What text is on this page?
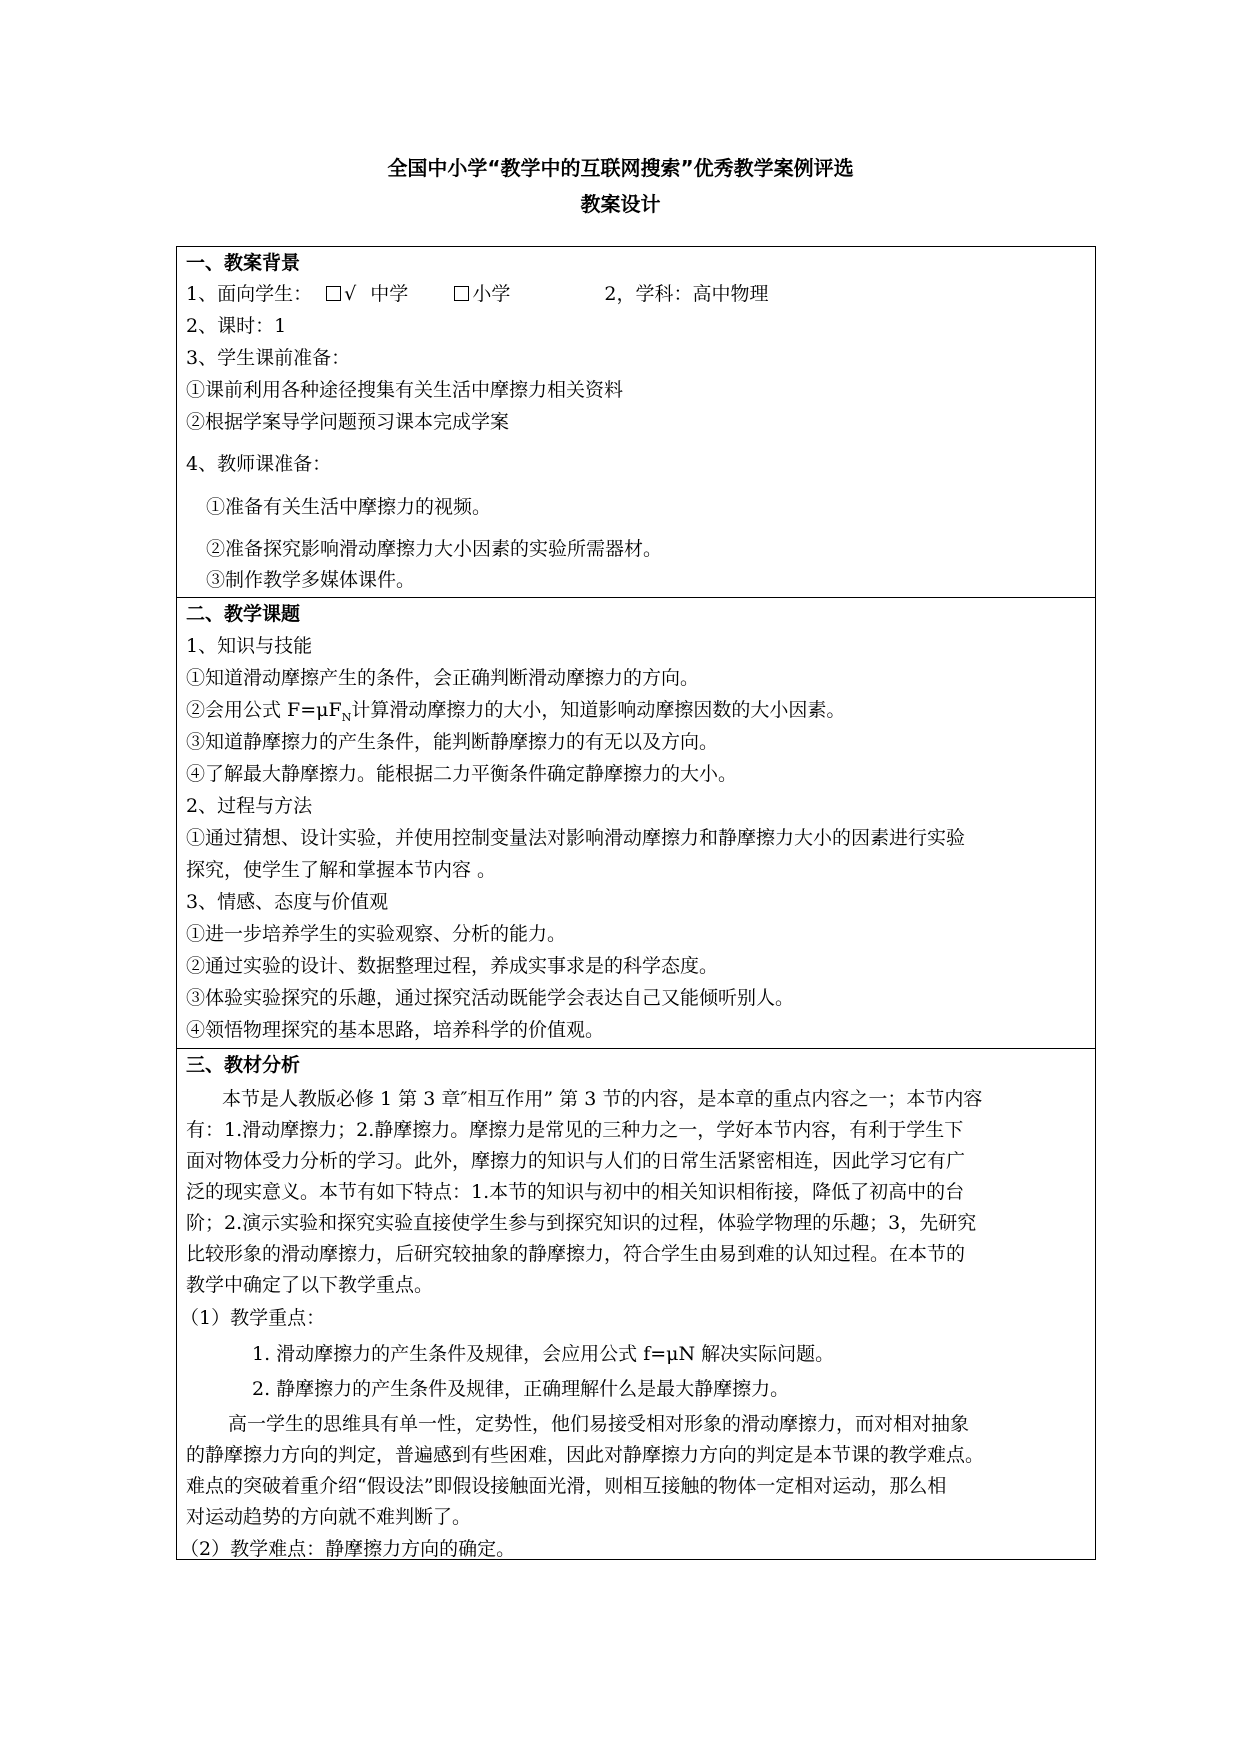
全国中小学“教学中的互联网搜索”优秀教学案例评选
教案设计
一、教案背景
1、面向学生： √ 中学	小学	2，学科：高中物理
2、课时：1
3、学生课前准备：
①课前利用各种途径搜集有关生活中摩擦力相关资料
②根据学案导学问题预习课本完成学案
4、教师课准备：
①准备有关生活中摩擦力的视频。
②准备探究影响滑动摩擦力大小因素的实验所需器材。
③制作教学多媒体课件。
二、教学课题
1、知识与技能
①知道滑动摩擦产生的条件，会正确判断滑动摩擦力的方向。
②会用公式 $F=\mu F_N$计算滑动摩擦力的大小，知道影响动摩擦因数的大小因素。
③知道静摩擦力的产生条件，能判断静摩擦力的有无以及方向。
④了解最大静摩擦力。能根据二力平衡条件确定静摩擦力的大小。
2、过程与方法
①通过猜想、设计实验，并使用控制变量法对影响滑动摩擦力和静摩擦力大小的因素进行实验
探究，使学生了解和掌握本节内容 。
3、情感、态度与价值观
①进一步培养学生的实验观察、分析的能力。
②通过实验的设计、数据整理过程，养成实事求是的科学态度。
③体验实验探究的乐趣，通过探究活动既能学会表达自己又能倾听别人。
④领悟物理探究的基本思路，培养科学的价值观。
三、教材分析
本节是人教版必修 1 第 3 章″相互作用” 第 3 节的内容，是本章的重点内容之一；本节内容
有：1.滑动摩擦力；2.静摩擦力。摩擦力是常见的三种力之一，学好本节内容，有利于学生下
面对物体受力分析的学习。此外，摩擦力的知识与人们的日常生活紧密相连，因此学习它有广
泛的现实意义。本节有如下特点：1.本节的知识与初中的相关知识相衔接，降低了初高中的台
阶；2.演示实验和探究实验直接使学生参与到探究知识的过程，体验学物理的乐趣；3，先研究
比较形象的滑动摩擦力，后研究较抽象的静摩擦力，符合学生由易到难的认知过程。在本节的
教学中确定了以下教学重点。
（1）教学重点：
1. 滑动摩擦力的产生条件及规律，会应用公式 f=μN 解决实际问题。
2. 静摩擦力的产生条件及规律，正确理解什么是最大静摩擦力。
高一学生的思维具有单一性，定势性，他们易接受相对形象的滑动摩擦力，而对相对抽象
的静摩擦力方向的判定，普遍感到有些困难，因此对静摩擦力方向的判定是本节课的教学难点。
难点的突破着重介绍“假设法”即假设接触面光滑，则相互接触的物体一定相对运动，那么相
对运动趋势的方向就不难判断了。
（2）教学难点：静摩擦力方向的确定。
